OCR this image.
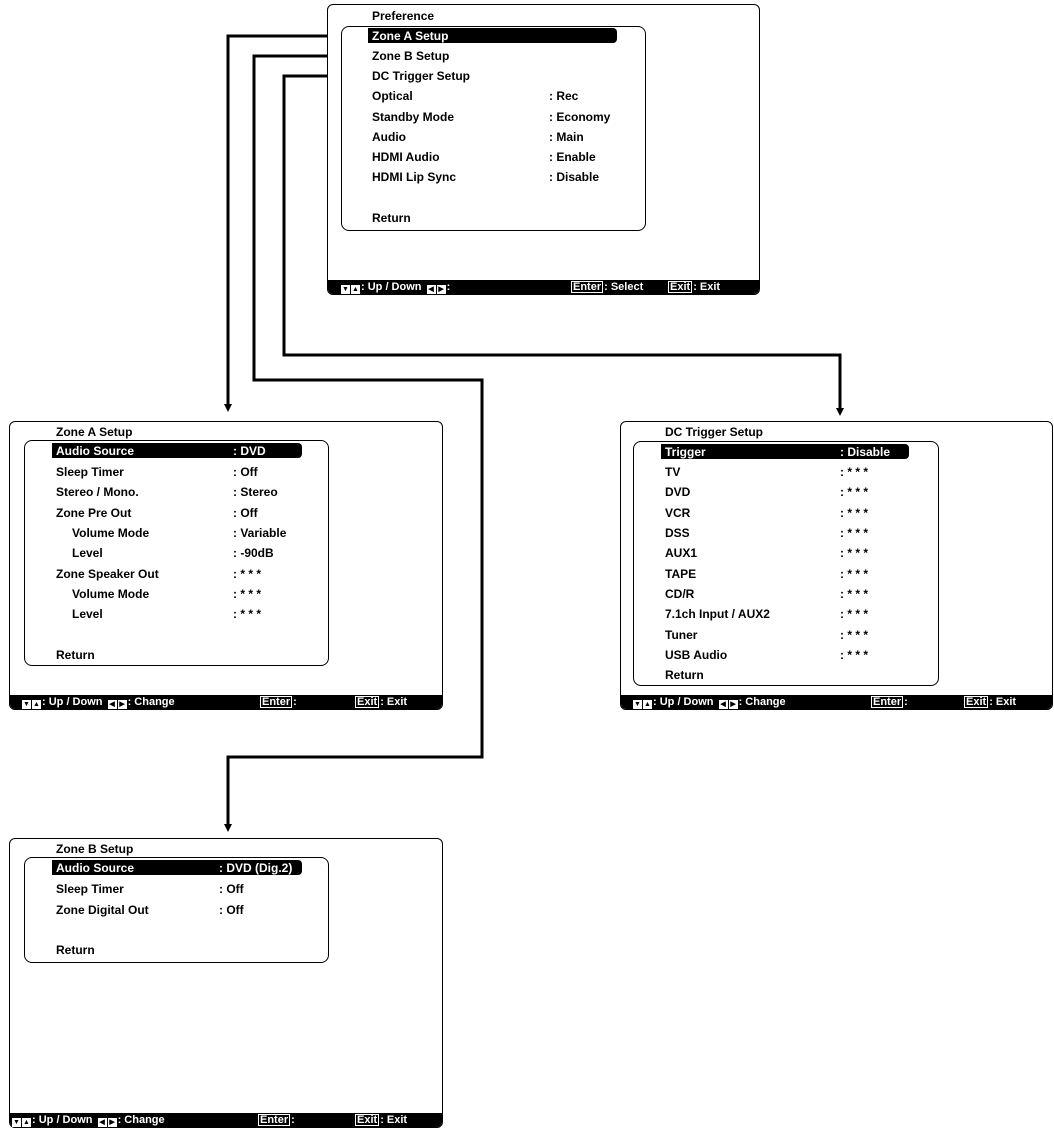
Preference
Zone A Setup
Zone B Setup
DC Trigger Setup
Optical	: Rec
Standby Mode	: Economy
Audio	: Main
HDMI Audio	: Enable
HDMI Lip Sync	: Disable
Return
▼ ▲ : Up / Down ◀ ▶ :	Enter : Select Exit : Exit
Zone A Setup
Audio Source	: DVD
Sleep Timer	: Off
Stereo / Mono.	: Stereo
Zone Pre Out	: Off
Volume Mode	: Variable
Level	: -90dB
Zone Speaker Out	: * * *
Volume Mode	: * * *
Level	: * * *
Return
▼ ▲ : Up / Down ◀ ▶ : Change	Enter :	Exit : Exit
DC Trigger Setup
Trigger	: Disable
TV	: * * *
DVD	: * * *
VCR	: * * *
DSS	: * * *
AUX1	: * * *
TAPE	: * * *
CD/R	: * * *
7.1ch Input / AUX2	: * * *
Tuner	: * * *
USB Audio	: * * *
Return
▼ ▲ : Up / Down ◀ ▶ : Change	Enter :	Exit : Exit
Zone B Setup
Audio Source	: DVD (Dig.2)
Sleep Timer	: Off
Zone Digital Out	: Off
Return
▼ ▲ : Up / Down ◀ ▶ : Change	Enter :	Exit : Exit
